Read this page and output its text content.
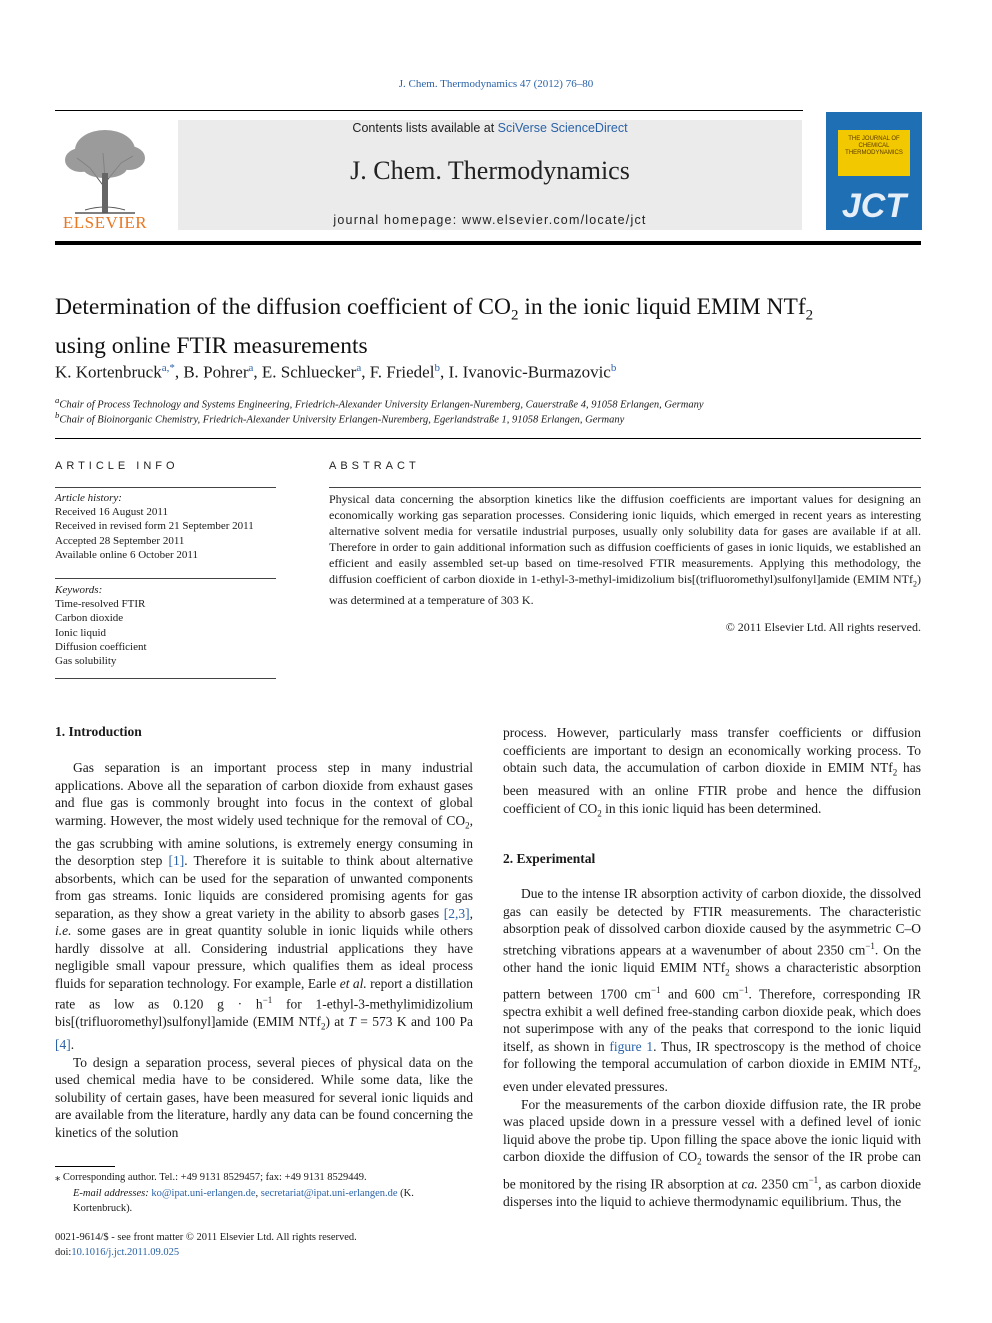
J. Chem. Thermodynamics 47 (2012) 76–80
ELSEVIER
Contents lists available at SciVerse ScienceDirect
J. Chem. Thermodynamics
journal homepage: www.elsevier.com/locate/jct
THE JOURNAL OF CHEMICAL THERMODYNAMICS
JCT
Determination of the diffusion coefficient of $CO_2$ in the ionic liquid EMIM NTf$_2$
using online FTIR measurements
K. Kortenbruck$^{a,*}$, B. Pohrer$^a$, E. Schluecker$^a$, F. Friedel$^b$, I. Ivanovic-Burmazovic$^b$
$^a$Chair of Process Technology and Systems Engineering, Friedrich-Alexander University Erlangen-Nuremberg, Cauerstraße 4, 91058 Erlangen, Germany
$^b$Chair of Bioinorganic Chemistry, Friedrich-Alexander University Erlangen-Nuremberg, Egerlandstraße 1, 91058 Erlangen, Germany
ARTICLE INFO
Article history:
Received 16 August 2011
Received in revised form 21 September 2011
Accepted 28 September 2011
Available online 6 October 2011
Keywords:
Time-resolved FTIR
Carbon dioxide
Ionic liquid
Diffusion coefficient
Gas solubility
ABSTRACT
Physical data concerning the absorption kinetics like the diffusion coefficients are important values for designing an economically working gas separation processes. Considering ionic liquids, which emerged in recent years as interesting alternative solvent media for versatile industrial purposes, usually only solubility data for gases are available if at all. Therefore in order to gain additional information such as diffusion coefficients of gases in ionic liquids, we established an efficient and easily assembled set-up based on time-resolved FTIR measurements. Applying this methodology, the diffusion coefficient of carbon dioxide in 1-ethyl-3-methyl-imidizolium bis[(trifluoromethyl)sulfonyl]amide (EMIM NTf$_2$) was determined at a temperature of 303 K.
© 2011 Elsevier Ltd. All rights reserved.
1. Introduction

Gas separation is an important process step in many industrial applications. Above all the separation of carbon dioxide from exhaust gases and flue gas is commonly brought into focus in the context of global warming. However, the most widely used technique for the removal of $CO_2$, the gas scrubbing with amine solutions, is extremely energy consuming in the desorption step [1]. Therefore it is suitable to think about alternative absorbents, which can be used for the separation of unwanted components from gas streams. Ionic liquids are considered promising agents for gas separation, as they show a great variety in the ability to absorb gases [2,3], i.e. some gases are in great quantity soluble in ionic liquids while others hardly dissolve at all. Considering industrial applications they have negligible small vapour pressure, which qualifies them as ideal process fluids for separation technology. For example, Earle et al. report a distillation rate as low as 0.120 $g \cdot h^{-1}$ for 1-ethyl-3-methylimidizolium bis[(trifluoromethyl)sulfonyl]amide (EMIM NTf$_2$) at T = 573 K and 100 Pa [4].

To design a separation process, several pieces of physical data on the used chemical media have to be considered. While some data, like the solubility of certain gases, have been measured for several ionic liquids and are available from the literature, hardly any data can be found concerning the kinetics of the solution

process. However, particularly mass transfer coefficients or diffusion coefficients are important to design an economically working process. To obtain such data, the accumulation of carbon dioxide in EMIM NTf$_2$ has been measured with an online FTIR probe and hence the diffusion coefficient of $CO_2$ in this ionic liquid has been determined.

2. Experimental

Due to the intense IR absorption activity of carbon dioxide, the dissolved gas can easily be detected by FTIR measurements. The characteristic absorption peak of dissolved carbon dioxide caused by the asymmetric C–O stretching vibrations appears at a wavenumber of about 2350 $cm^{-1}$. On the other hand the ionic liquid EMIM NTf$_2$ shows a characteristic absorption pattern between 1700 $cm^{-1}$ and 600 $cm^{-1}$. Therefore, corresponding IR spectra exhibit a well defined free-standing carbon dioxide peak, which does not superimpose with any of the peaks that correspond to the ionic liquid itself, as shown in figure 1. Thus, IR spectroscopy is the method of choice for following the temporal accumulation of carbon dioxide in EMIM NTf$_2$, even under elevated pressures.

For the measurements of the carbon dioxide diffusion rate, the IR probe was placed upside down in a pressure vessel with a defined level of ionic liquid above the probe tip. Upon filling the space above the ionic liquid with carbon dioxide the diffusion of $CO_2$ towards the sensor of the IR probe can be monitored by the rising IR absorption at ca. 2350 $cm^{-1}$, as carbon dioxide disperses into the liquid to achieve thermodynamic equilibrium. Thus, the

⁎ Corresponding author. Tel.: +49 9131 8529457; fax: +49 9131 8529449.
E-mail addresses: ko@ipat.uni-erlangen.de, secretariat@ipat.uni-erlangen.de (K. Kortenbruck).
0021-9614/$ - see front matter © 2011 Elsevier Ltd. All rights reserved.
doi:10.1016/j.jct.2011.09.025
